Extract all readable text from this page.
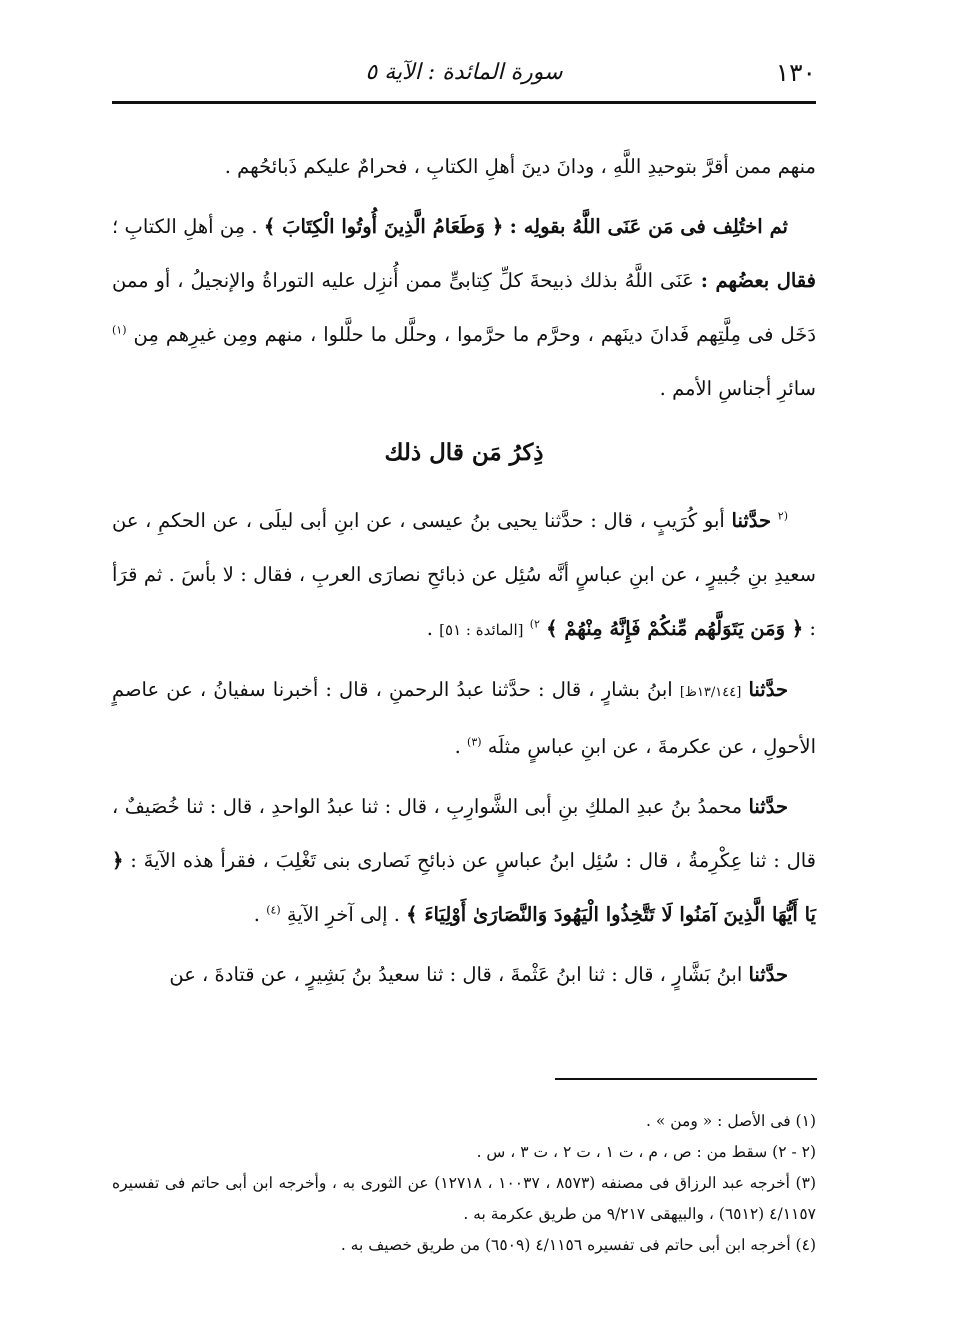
١٣٠
سورة المائدة : الآية ٥

منهم ممن أقرَّ بتوحيدِ اللَّهِ ، ودانَ دينَ أهلِ الكتابِ ، فحرامٌ عليكم ذَبائحُهم .

ثم اختُلِف فى مَن عَنَى اللَّهُ بقولِه : ﴿ وَطَعَامُ الَّذِينَ أُوتُوا الْكِتَابَ ﴾ . مِن أهلِ الكتابِ ؛ فقال بعضُهم : عَنَى اللَّهُ بذلك ذبيحةَ كلِّ كِتابىٍّ ممن أُنزِل عليه التوراةُ والإنجيلُ ، أو ممن دَخَل فى مِلَّتِهم فَدانَ دينَهم ، وحرَّم ما حرَّموا ، وحلَّل ما حلَّلوا ، منهم ومِن غيرِهم مِن $^{(١)}$ سائرِ أجناسِ الأمم .

ذِكرُ مَن قال ذلك

$^{(٢}$ حدَّثنا أبو كُرَيبٍ ، قال : حدَّثنا يحيى بنُ عيسى ، عن ابنِ أبى ليلَى ، عن الحكمِ ، عن سعيدِ بنِ جُبيرٍ ، عن ابنِ عباسٍ أنَّه سُئِل عن ذبائحِ نصارَى العربِ ، فقال : لا بأسَ . ثم قرَأ : ﴿ وَمَن يَتَوَلَّهُم مِّنكُمْ فَإِنَّهُ مِنْهُمْ ﴾ $^{٢)}$ [المائدة : ٥١] .

حدَّثنا [١٣/١٤٤ظ] ابنُ بشارٍ ، قال : حدَّثنا عبدُ الرحمنِ ، قال : أخبرنا سفيانُ ، عن عاصمٍ الأحولِ ، عن عكرمةَ ، عن ابنِ عباسٍ مثلَه $^{(٣)}$ .

حدَّثنا محمدُ بنُ عبدِ الملكِ بنِ أبى الشَّوارِبِ ، قال : ثنا عبدُ الواحدِ ، قال : ثنا خُصَيفٌ ، قال : ثنا عِكْرِمةُ ، قال : سُئِل ابنُ عباسٍ عن ذبائحِ نَصارى بنى تَغْلِبَ ، فقرأ هذه الآيةَ : ﴿ يَا أَيُّهَا الَّذِينَ آمَنُوا لَا تَتَّخِذُوا الْيَهُودَ وَالنَّصَارَىٰ أَوْلِيَاءَ ﴾ . إلى آخرِ الآيةِ $^{(٤)}$ .

حدَّثنا ابنُ بَشَّارٍ ، قال : ثنا ابنُ عَثْمةَ ، قال : ثنا سعيدُ بنُ بَشِيرٍ ، عن قتادةَ ، عن

(١) فى الأصل : « ومن » .
(٢ - ٢) سقط من : ص ، م ، ت ١ ، ت ٢ ، ت ٣ ، س .
(٣) أخرجه عبد الرزاق فى مصنفه (٨٥٧٣ ، ١٠٠٣٧ ، ١٢٧١٨) عن الثورى به ، وأخرجه ابن أبى حاتم فى تفسيره ٤/١١٥٧ (٦٥١٢) ، والبيهقى ٩/٢١٧ من طريق عكرمة به .
(٤) أخرجه ابن أبى حاتم فى تفسيره ٤/١١٥٦ (٦٥٠٩) من طريق خصيف به .
